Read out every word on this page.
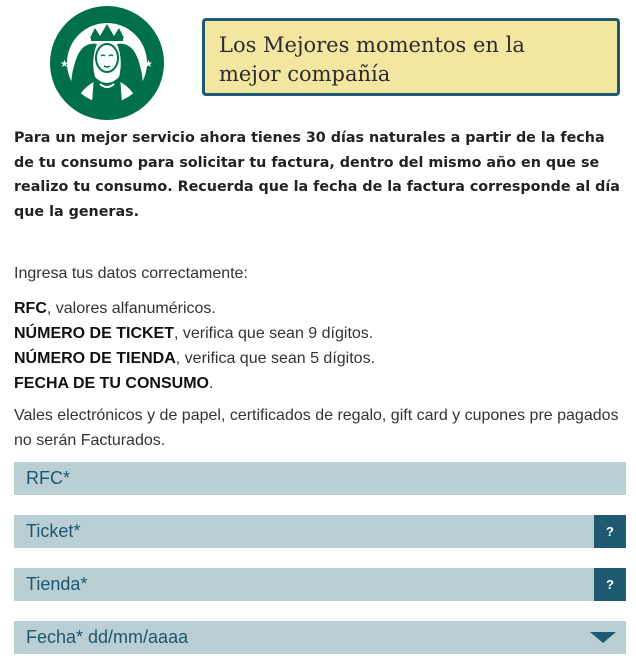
★	★
Los Mejores momentos en la
mejor compañía
Para un mejor servicio ahora tienes 30 días naturales a partir de la fecha de tu consumo para solicitar tu factura, dentro del mismo año en que se realizo tu consumo. Recuerda que la fecha de la factura corresponde al día que la generas.
Ingresa tus datos correctamente:
RFC, valores alfanuméricos.
NÚMERO DE TICKET, verifica que sean 9 dígitos.
NÚMERO DE TIENDA, verifica que sean 5 dígitos.
FECHA DE TU CONSUMO.
Vales electrónicos y de papel, certificados de regalo, gift card y cupones pre pagados no serán Facturados.
RFC*
Ticket*	?
Tienda*	?
Fecha* dd/mm/aaaa
